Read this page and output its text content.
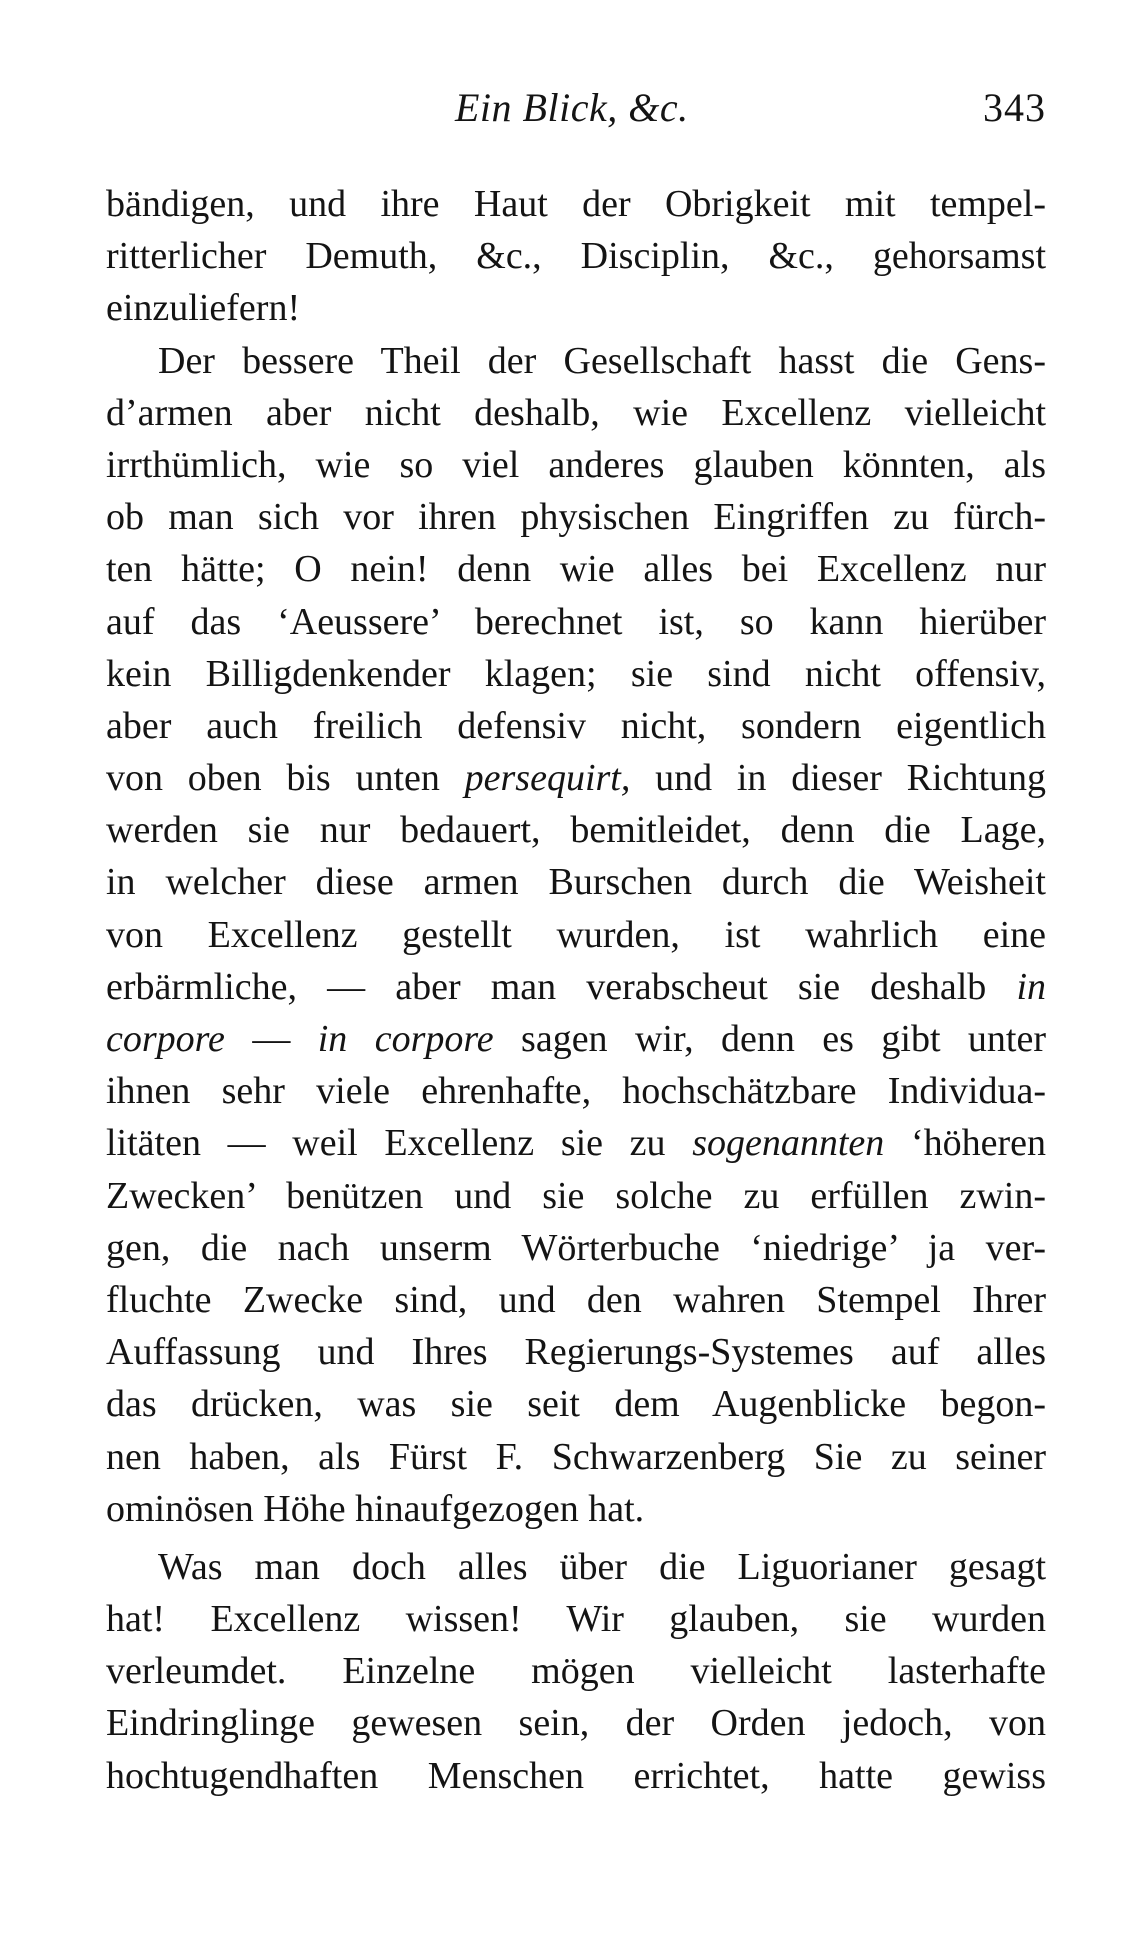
Ein Blick, &c.	343
bändigen, und ihre Haut der Obrigkeit mit tempel-
ritterlicher Demuth, &c., Disciplin, &c., gehorsamst
einzuliefern!
Der bessere Theil der Gesellschaft hasst die Gens-
d’armen aber nicht deshalb, wie Excellenz vielleicht
irrthümlich, wie so viel anderes glauben könnten, als
ob man sich vor ihren physischen Eingriffen zu fürch-
ten hätte; O nein! denn wie alles bei Excellenz nur
auf das ‘Aeussere’ berechnet ist, so kann hierüber
kein Billigdenkender klagen; sie sind nicht offensiv,
aber auch freilich defensiv nicht, sondern eigentlich
von oben bis unten persequirt, und in dieser Richtung
werden sie nur bedauert, bemitleidet, denn die Lage,
in welcher diese armen Burschen durch die Weisheit
von Excellenz gestellt wurden, ist wahrlich eine
erbärmliche, — aber man verabscheut sie deshalb in
corpore — in corpore sagen wir, denn es gibt unter
ihnen sehr viele ehrenhafte, hochschätzbare Individua-
litäten — weil Excellenz sie zu sogenannten ‘höheren
Zwecken’ benützen und sie solche zu erfüllen zwin-
gen, die nach unserm Wörterbuche ‘niedrige’ ja ver-
fluchte Zwecke sind, und den wahren Stempel Ihrer
Auffassung und Ihres Regierungs-Systemes auf alles
das drücken, was sie seit dem Augenblicke begon-
nen haben, als Fürst F. Schwarzenberg Sie zu seiner
ominösen Höhe hinaufgezogen hat.
Was man doch alles über die Liguorianer gesagt
hat! Excellenz wissen! Wir glauben, sie wurden
verleumdet. Einzelne mögen vielleicht lasterhafte
Eindringlinge gewesen sein, der Orden jedoch, von
hochtugendhaften Menschen errichtet, hatte gewiss
